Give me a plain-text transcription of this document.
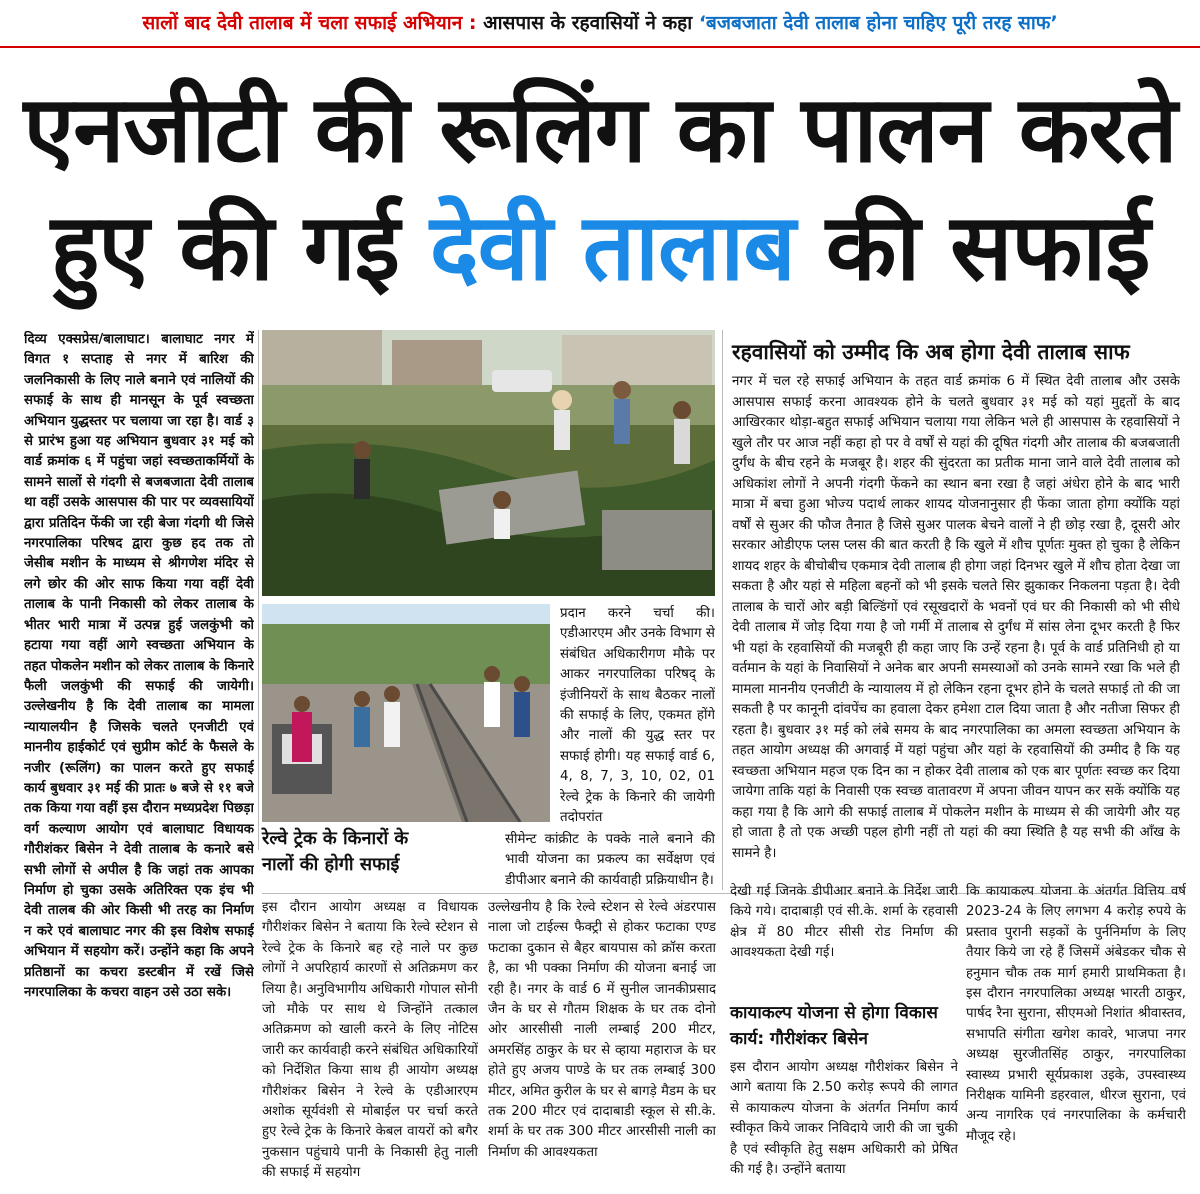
सालों बाद देवी तालाब में चला सफाई अभियान : आसपास के रहवासियों ने कहा ‘बजबजाता देवी तालाब होना चाहिए पूरी तरह साफ’
एनजीटी की रूलिंग का पालन करते
हुए की गई देवी तालाब की सफाई

दिव्य एक्सप्रेस/बालाघाट। बालाघाट नगर में विगत १ सप्ताह से नगर में बारिश की जलनिकासी के लिए नाले बनाने एवं नालियों की सफाई के साथ ही मानसून के पूर्व स्वच्छता अभियान युद्धस्तर पर चलाया जा रहा है। वार्ड ३ से प्रारंभ हुआ यह अभियान बुधवार ३१ मई को वार्ड क्रमांक ६ में पहुंचा जहां स्वच्छताकर्मियों के सामने सालों से गंदगी से बजबजाता देवी तालाब था वहीं उसके आसपास की पार पर व्यवसायियों द्वारा प्रतिदिन फेंकी जा रही बेजा गंदगी थी जिसे नगरपालिका परिषद द्वारा कुछ हद तक तो जेसीब मशीन के माध्यम से श्रीगणेश मंदिर से लगे छोर की ओर साफ किया गया वहीं देवी तालाब के पानी निकासी को लेकर तालाब के भीतर भारी मात्रा में उत्पन्न हुई जलकुंभी को हटाया गया वहीं आगे स्वच्छता अभियान के तहत पोकलेन मशीन को लेकर तालाब के किनारे फैली जलकुंभी की सफाई की जायेगी। उल्लेखनीय है कि देवी तालाब का मामला न्यायालयीन है जिसके चलते एनजीटी एवं माननीय हाईकोर्ट एवं सुप्रीम कोर्ट के फैसले के नजीर (रूलिंग) का पालन करते हुए सफाई कार्य बुधवार ३१ मई की प्रातः ७ बजे से ११ बजे तक किया गया वहीं इस दौरान मध्यप्रदेश पिछड़ा वर्ग कल्याण आयोग एवं बालाघाट विधायक गौरीशंकर बिसेन ने देवी तालाब के कनारे बसे सभी लोगों से अपील है कि जहां तक आपका निर्माण हो चुका उसके अतिरिक्त एक इंच भी देवी तालब की ओर किसी भी तरह का निर्माण न करे एवं बालाघाट नगर की इस विशेष सफाई अभियान में सहयोग करें। उन्होंने कहा कि अपने प्रतिष्ठानों का कचरा डस्टबीन में रखें जिसे नगरपालिका के कचरा वाहन उसे उठा सके।

रेल्वे ट्रेक के किनारों के
नालों की होगी सफाई

प्रदान करने चर्चा की। एडीआरएम और उनके विभाग से संबंधित अधिकारीगण मौके पर आकर नगरपालिका परिषद् के इंजीनियरों के साथ बैठकर नालों की सफाई के लिए, एकमत होंगे और नालों की युद्ध स्तर पर सफाई होगी। यह सफाई वार्ड 6, 4, 8, 7, 3, 10, 02, 01 रेल्वे ट्रेक के किनारे की जायेगी तदोपरांत

सीमेन्ट कांक्रीट के पक्के नाले बनाने की भावी योजना का प्रकल्प का सर्वेक्षण एवं डीपीआर बनाने की कार्यवाही प्रक्रियाधीन है।

रहवासियों को उम्मीद कि अब होगा देवी तालाब साफ

नगर में चल रहे सफाई अभियान के तहत वार्ड क्रमांक 6 में स्थित देवी तालाब और उसके आसपास सफाई करना आवश्यक होने के चलते बुधवार ३१ मई को यहां मुद्दतों के बाद आखिरकार थोड़ा-बहुत सफाई अभियान चलाया गया लेकिन भले ही आसपास के रहवासियों ने खुले तौर पर आज नहीं कहा हो पर वे वर्षों से यहां की दूषित गंदगी और तालाब की बजबजाती दुर्गंध के बीच रहने के मजबूर है। शहर की सुंदरता का प्रतीक माना जाने वाले देवी तालाब को अधिकांश लोगों ने अपनी गंदगी फेंकने का स्थान बना रखा है जहां अंधेरा होने के बाद भारी मात्रा में बचा हुआ भोज्य पदार्थ लाकर शायद योजनानुसार ही फेंका जाता होगा क्योंकि यहां वर्षों से सुअर की फौज तैनात है जिसे सुअर पालक बेचने वालों ने ही छोड़ रखा है, दूसरी ओर सरकार ओडीएफ प्लस प्लस की बात करती है कि खुले में शौच पूर्णतः मुक्त हो चुका है लेकिन शायद शहर के बीचोबीच एकमात्र देवी तालाब ही होगा जहां दिनभर खुले में शौच होता देखा जा सकता है और यहां से महिला बहनों को भी इसके चलते सिर झुकाकर निकलना पड़ता है। देवी तालाब के चारों ओर बड़ी बिल्डिंगों एवं रसूखदारों के भवनों एवं घर की निकासी को भी सीधे देवी तालाब में जोड़ दिया गया है जो गर्मी में तालाब से दुर्गंध में सांस लेना दूभर करती है फिर भी यहां के रहवासियों की मजबूरी ही कहा जाए कि उन्हें रहना है। पूर्व के वार्ड प्रतिनिधी हो या वर्तमान के यहां के निवासियों ने अनेक बार अपनी समस्याओं को उनके सामने रखा कि भले ही मामला माननीय एनजीटी के न्यायालय में हो लेकिन रहना दूभर होने के चलते सफाई तो की जा सकती है पर कानूनी दांवपेंच का हवाला देकर हमेशा टाल दिया जाता है और नतीजा सिफर ही रहता है। बुधवार ३१ मई को लंबे समय के बाद नगरपालिका का अमला स्वच्छता अभियान के तहत आयोग अध्यक्ष की अगवाई में यहां पहुंचा और यहां के रहवासियों की उम्मीद है कि यह स्वच्छता अभियान महज एक दिन का न होकर देवी तालाब को एक बार पूर्णतः स्वच्छ कर दिया जायेगा ताकि यहां के निवासी एक स्वच्छ वातावरण में अपना जीवन यापन कर सकें क्योंकि यह कहा गया है कि आगे की सफाई तालाब में पोकलेन मशीन के माध्यम से की जायेगी और यह हो जाता है तो एक अच्छी पहल होगी नहीं तो यहां की क्या स्थिति है यह सभी की आँख के सामने है।

इस दौरान आयोग अध्यक्ष व विधायक गौरीशंकर बिसेन ने बताया कि रेल्वे स्टेशन से रेल्वे ट्रेक के किनारे बह रहे नाले पर कुछ लोगों ने अपरिहार्य कारणों से अतिक्रमण कर लिया है। अनुविभागीय अधिकारी गोपाल सोनी जो मौके पर साथ थे जिन्होंने तत्काल अतिक्रमण को खाली करने के लिए नोटिस जारी कर कार्यवाही करने संबंधित अधिकारियों को निर्देशित किया साथ ही आयोग अध्यक्ष गौरीशंकर बिसेन ने रेल्वे के एडीआरएम अशोक सूर्यवंशी से मोबाईल पर चर्चा करते हुए रेल्वे ट्रेक के किनारे केबल वायरों को बगैर नुकसान पहुंचाये पानी के निकासी हेतु नाली की सफाई में सहयोग

उल्लेखनीय है कि रेल्वे स्टेशन से रेल्वे अंडरपास नाला जो टाईल्स फैक्ट्री से होकर फटाका एण्ड फटाका दुकान से बैहर बायपास को क्रॉस करता है, का भी पक्का निर्माण की योजना बनाई जा रही है। नगर के वार्ड 6 में सुनील जानकीप्रसाद जैन के घर से गौतम शिक्षक के घर तक दोनो ओर आरसीसी नाली लम्बाई 200 मीटर, अमरसिंह ठाकुर के घर से व्हाया महाराज के घर होते हुए अजय पाण्डे के घर तक लम्बाई 300 मीटर, अमित कुरील के घर से बागड़े मैडम के घर तक 200 मीटर एवं दादाबाडी स्कूल से सी.के. शर्मा के घर तक 300 मीटर आरसीसी नाली का निर्माण की आवश्यकता

देखी गई जिनके डीपीआर बनाने के निर्देश जारी किये गये। दादाबाड़ी एवं सी.के. शर्मा के रहवासी क्षेत्र में 80 मीटर सीसी रोड निर्माण की आवश्यकता देखी गई।

कायाकल्प योजना से होगा विकास कार्य: गौरीशंकर बिसेन

इस दौरान आयोग अध्यक्ष गौरीशंकर बिसेन ने आगे बताया कि 2.50 करोड़ रूपये की लागत से कायाकल्प योजना के अंतर्गत निर्माण कार्य स्वीकृत किये जाकर निविदाये जारी की जा चुकी है एवं स्वीकृति हेतु सक्षम अधिकारी को प्रेषित की गई है। उन्होंने बताया

कि कायाकल्प योजना के अंतर्गत वित्तिय वर्ष 2023-24 के लिए लगभग 4 करोड़ रुपये के प्रस्ताव पुरानी सड़कों के पुर्ननिर्माण के लिए तैयार किये जा रहे हैं जिसमें अंबेडकर चौक से हनुमान चौक तक मार्ग हमारी प्राथमिकता है। इस दौरान नगरपालिका अध्यक्ष भारती ठाकुर, पार्षद रैना सुराना, सीएमओ निशांत श्रीवास्तव, सभापति संगीता खगेश कावरे, भाजपा नगर अध्यक्ष सुरजीतसिंह ठाकुर, नगरपालिका स्वास्थ्य प्रभारी सूर्यप्रकाश उइके, उपस्वास्थ्य निरीक्षक यामिनी डहरवाल, धीरज सुराना, एवं अन्य नागरिक एवं नगरपालिका के कर्मचारी मौजूद रहे।
